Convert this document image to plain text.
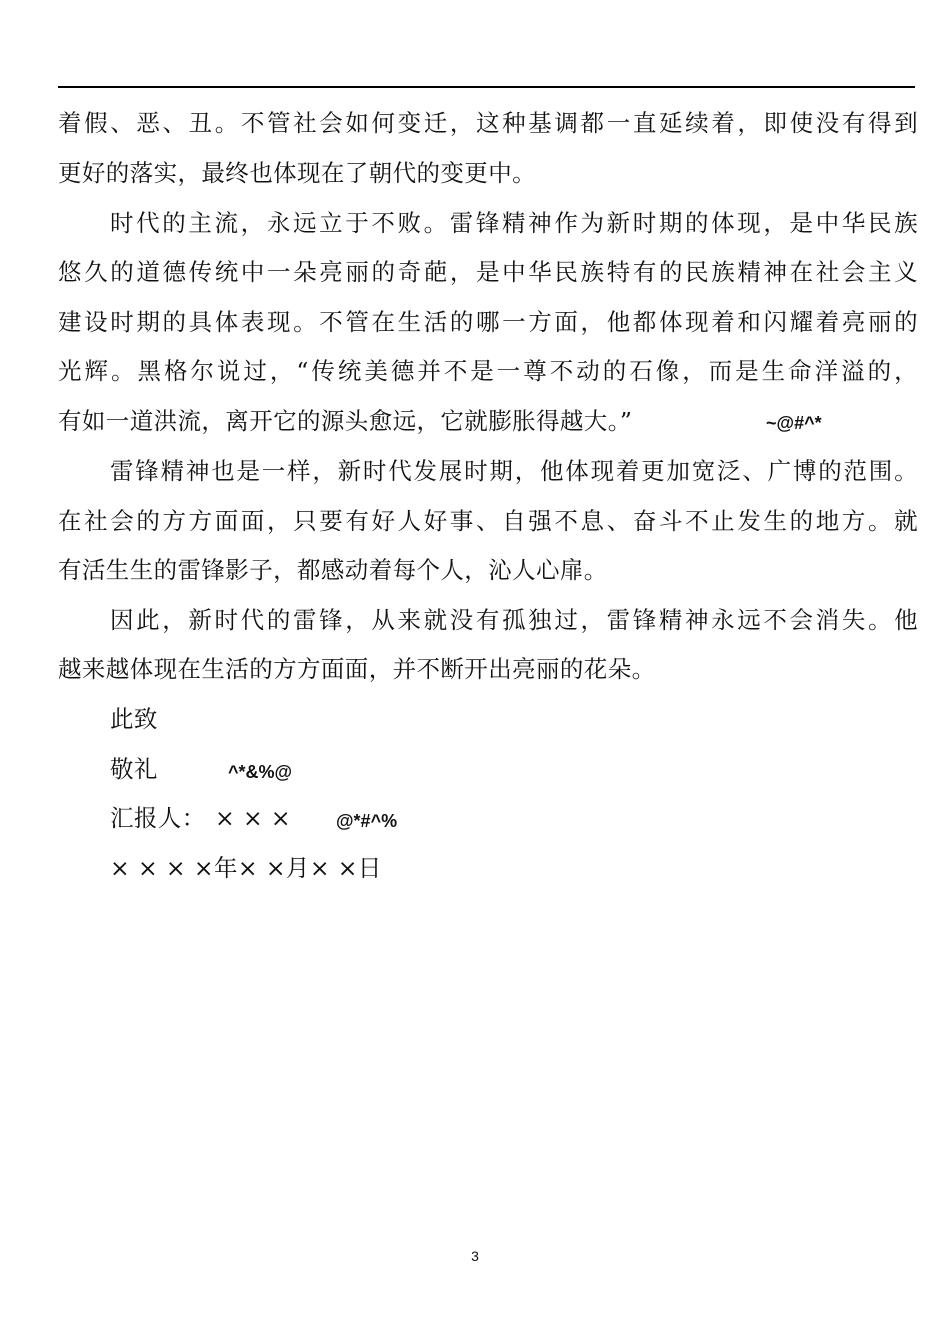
着假、恶、丑。不管社会如何变迁，这种基调都一直延续着，即使没有得到
更好的落实，最终也体现在了朝代的变更中。
时代的主流，永远立于不败。雷锋精神作为新时期的体现，是中华民族
悠久的道德传统中一朵亮丽的奇葩，是中华民族特有的民族精神在社会主义
建设时期的具体表现。不管在生活的哪一方面，他都体现着和闪耀着亮丽的
光辉。黑格尔说过，“传统美德并不是一尊不动的石像，而是生命洋溢的，
有如一道洪流，离开它的源头愈远，它就膨胀得越大。”
雷锋精神也是一样，新时代发展时期，他体现着更加宽泛、广博的范围。
在社会的方方面面，只要有好人好事、自强不息、奋斗不止发生的地方。就
有活生生的雷锋影子，都感动着每个人，沁人心扉。
因此，新时代的雷锋，从来就没有孤独过，雷锋精神永远不会消失。他
越来越体现在生活的方方面面，并不断开出亮丽的花朵。
~@#^*
此致
敬礼	^*&%@
汇报人： × × × @*#^%
× × × ×年× ×月× ×日
3
